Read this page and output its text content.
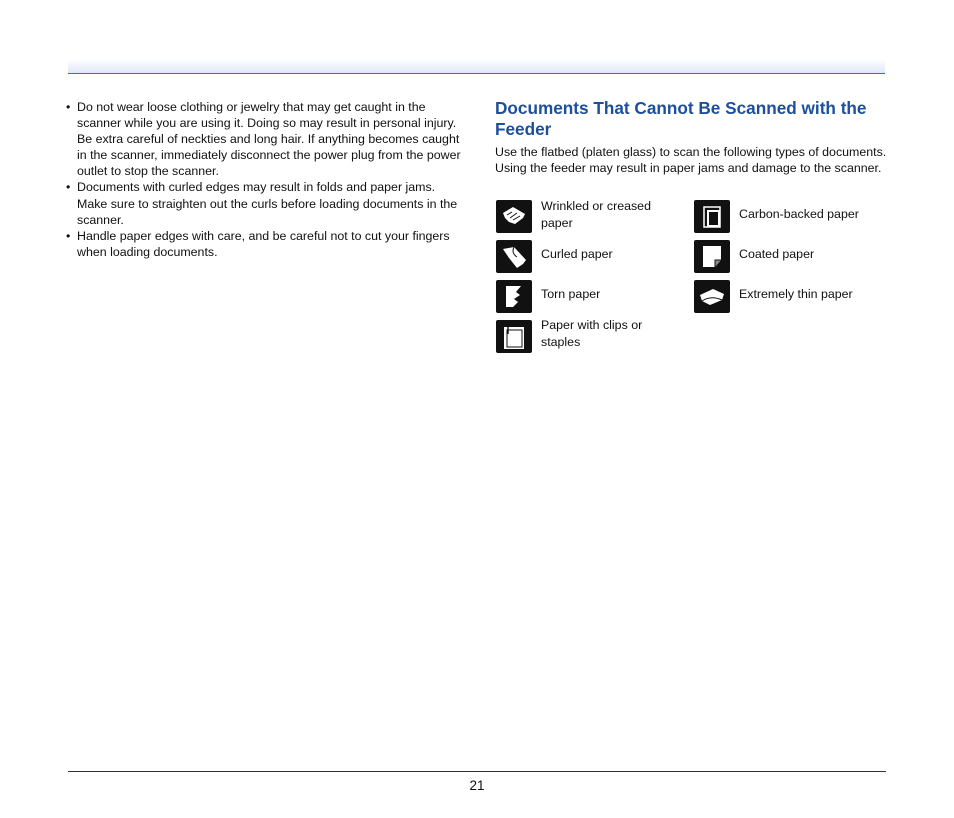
• Do not wear loose clothing or jewelry that may get caught in the scanner while you are using it. Doing so may result in personal injury. Be extra careful of neckties and long hair. If anything becomes caught in the scanner, immediately disconnect the power plug from the power outlet to stop the scanner.
• Documents with curled edges may result in folds and paper jams. Make sure to straighten out the curls before loading documents in the scanner.
• Handle paper edges with care, and be careful not to cut your fingers when loading documents.
Documents That Cannot Be Scanned with the Feeder

Use the flatbed (platen glass) to scan the following types of documents. Using the feeder may result in paper jams and damage to the scanner.

Wrinkled or creased paper
Carbon-backed paper
Curled paper	Coated paper
Torn paper	Extremely thin paper
Paper with clips or staples
21
